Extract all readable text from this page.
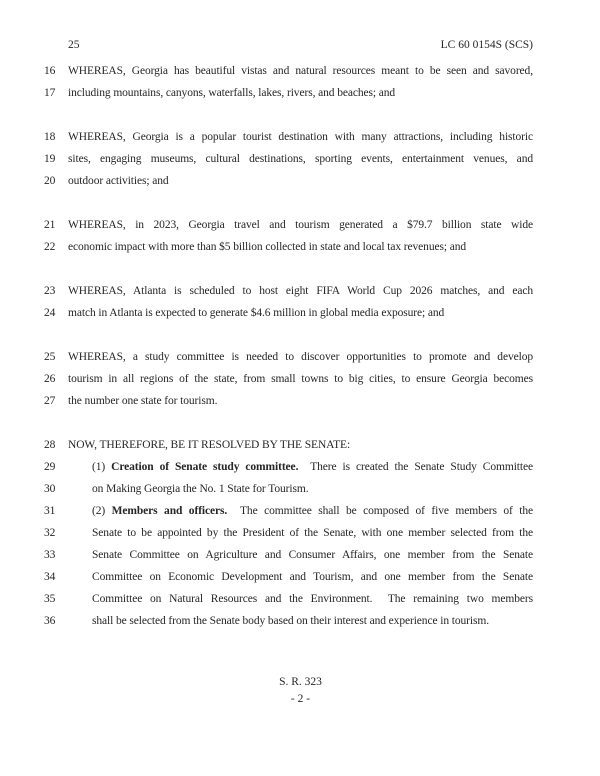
25	LC 60 0154S (SCS)
16	WHEREAS, Georgia has beautiful vistas and natural resources meant to be seen and savored,
17	including mountains, canyons, waterfalls, lakes, rivers, and beaches; and
18	WHEREAS, Georgia is a popular tourist destination with many attractions, including historic
19	sites, engaging museums, cultural destinations, sporting events, entertainment venues, and
20	outdoor activities; and
21	WHEREAS, in 2023, Georgia travel and tourism generated a $79.7 billion state wide
22	economic impact with more than $5 billion collected in state and local tax revenues; and
23	WHEREAS, Atlanta is scheduled to host eight FIFA World Cup 2026 matches, and each
24	match in Atlanta is expected to generate $4.6 million in global media exposure; and
25	WHEREAS, a study committee is needed to discover opportunities to promote and develop
26	tourism in all regions of the state, from small towns to big cities, to ensure Georgia becomes
27	the number one state for tourism.
28	NOW, THEREFORE, BE IT RESOLVED BY THE SENATE:
29	(1) Creation of Senate study committee.  There is created the Senate Study Committee
30	on Making Georgia the No. 1 State for Tourism.
31	(2) Members and officers.  The committee shall be composed of five members of the
32	Senate to be appointed by the President of the Senate, with one member selected from the
33	Senate Committee on Agriculture and Consumer Affairs, one member from the Senate
34	Committee on Economic Development and Tourism, and one member from the Senate
35	Committee on Natural Resources and the Environment.  The remaining two members
36	shall be selected from the Senate body based on their interest and experience in tourism.
S. R. 323
- 2 -
